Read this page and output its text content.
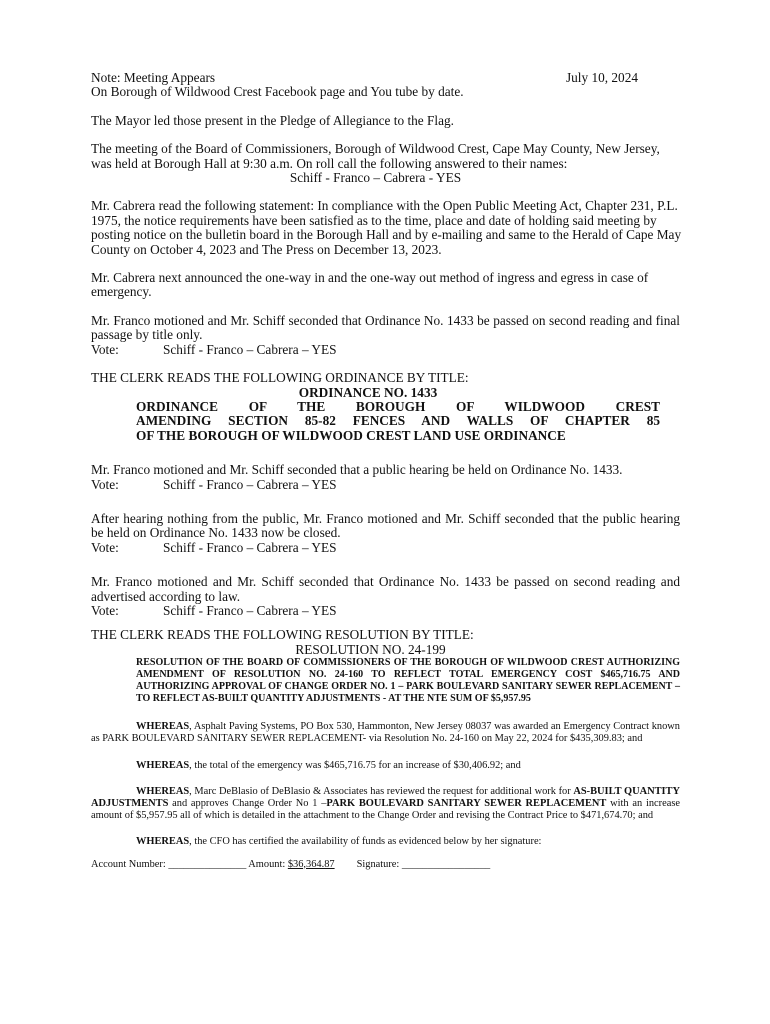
Note: Meeting Appears	July 10, 2024

On Borough of Wildwood Crest Facebook page and You tube by date.

The Mayor led those present in the Pledge of Allegiance to the Flag.

The meeting of the Board of Commissioners, Borough of Wildwood Crest, Cape May County, New Jersey, was held at Borough Hall at 9:30 a.m. On roll call the following answered to their names:

Schiff - Franco – Cabrera - YES

Mr. Cabrera read the following statement: In compliance with the Open Public Meeting Act, Chapter 231, P.L. 1975, the notice requirements have been satisfied as to the time, place and date of holding said meeting by posting notice on the bulletin board in the Borough Hall and by e-mailing and same to the Herald of Cape May County on October 4, 2023 and The Press on December 13, 2023.

Mr. Cabrera next announced the one-way in and the one-way out method of ingress and egress in case of emergency.

Mr. Franco motioned and Mr. Schiff seconded that Ordinance No. 1433 be passed on second reading and final passage by title only.

Vote:	Schiff - Franco – Cabrera – YES

THE CLERK READS THE FOLLOWING ORDINANCE BY TITLE:

ORDINANCE NO. 1433

ORDINANCE OF THE BOROUGH OF WILDWOOD CREST
AMENDING SECTION 85-82 FENCES AND WALLS OF CHAPTER 85
OF THE BOROUGH OF WILDWOOD CREST LAND USE ORDINANCE

Mr. Franco motioned and Mr. Schiff seconded that a public hearing be held on Ordinance No. 1433.

Vote:	Schiff - Franco – Cabrera – YES

After hearing nothing from the public, Mr. Franco motioned and Mr. Schiff seconded that the public hearing be held on Ordinance No. 1433 now be closed.

Vote:	Schiff - Franco – Cabrera – YES

Mr. Franco motioned and Mr. Schiff seconded that Ordinance No. 1433 be passed on second reading and advertised according to law.

Vote:	Schiff - Franco – Cabrera – YES

THE CLERK READS THE FOLLOWING RESOLUTION BY TITLE:

RESOLUTION NO. 24-199

RESOLUTION OF THE BOARD OF COMMISSIONERS OF THE BOROUGH OF WILDWOOD CREST AUTHORIZING AMENDMENT OF RESOLUTION NO. 24-160 TO REFLECT TOTAL EMERGENCY COST $465,716.75 AND AUTHORIZING APPROVAL OF CHANGE ORDER NO. 1 – PARK BOULEVARD SANITARY SEWER REPLACEMENT – TO REFLECT AS-BUILT QUANTITY ADJUSTMENTS - AT THE NTE SUM OF $5,957.95

WHEREAS, Asphalt Paving Systems, PO Box 530, Hammonton, New Jersey 08037 was awarded an Emergency Contract known as PARK BOULEVARD SANITARY SEWER REPLACEMENT- via Resolution No. 24-160 on May 22, 2024 for $435,309.83; and

WHEREAS, the total of the emergency was $465,716.75 for an increase of $30,406.92; and

WHEREAS, Marc DeBlasio of DeBlasio & Associates has reviewed the request for additional work for AS-BUILT QUANTITY ADJUSTMENTS and approves Change Order No 1 –PARK BOULEVARD SANITARY SEWER REPLACEMENT with an increase amount of $5,957.95 all of which is detailed in the attachment to the Change Order and revising the Contract Price to $471,674.70; and

WHEREAS, the CFO has certified the availability of funds as evidenced below by her signature:

Account Number: _______________ Amount: $36,364.87 Signature: _________________
